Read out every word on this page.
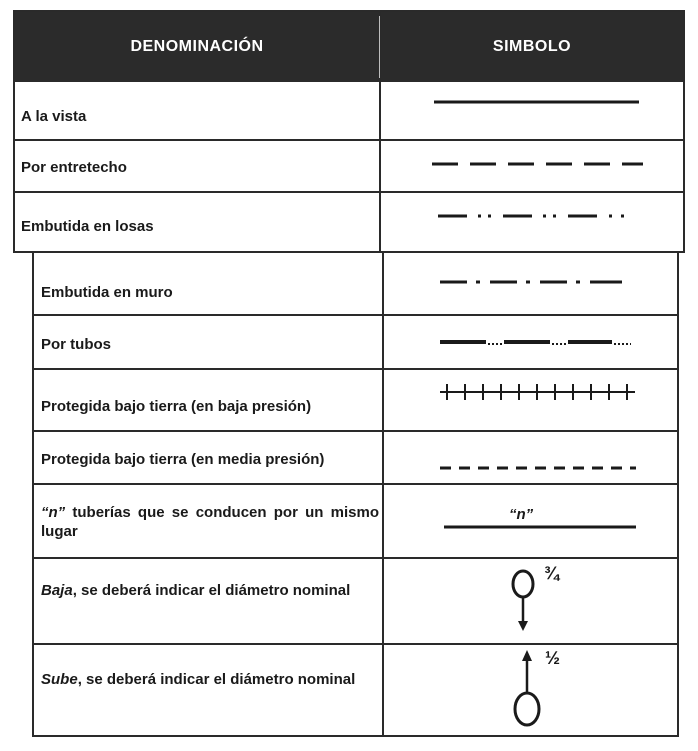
DENOMINACIÓN	SIMBOLO
A la vista
Por entretecho
Embutida en losas
Embutida en muro
Por tubos
Protegida bajo tierra (en baja presión)
Protegida bajo tierra (en media presión)
“n” tuberías que se conducen por un mismo lugar
Baja, se deberá indicar el diámetro nominal
Sube, se deberá indicar el diámetro nominal
“n”
¾
½
